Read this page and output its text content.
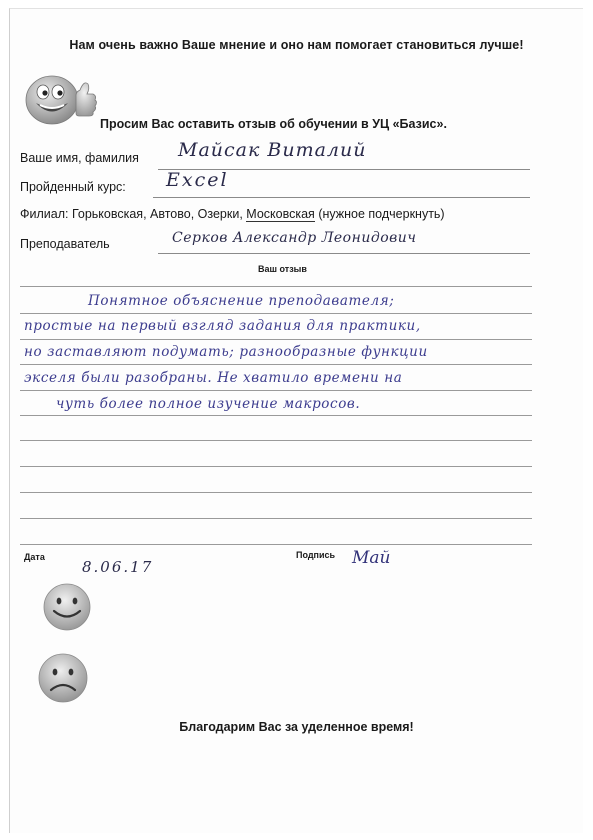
Нам очень важно Ваше мнение и оно нам помогает становиться лучше!
Просим Вас оставить отзыв об обучении в УЦ «Базис».
Ваше имя, фамилия Майсак Виталий
Пройденный курс: Excel
Филиал: Горьковская, Автово, Озерки, Московская (нужное подчеркнуть)
Преподаватель	Серков Александр Леонидович
Ваш отзыв
Понятное объяснение преподавателя;
простые на первый взгляд задания для практики,
но заставляют подумать; разнообразные функции
экселя были разобраны. Не хватило времени на
чуть более полное изучение макросов.
Дата
8.06.17
Подпись Май
Благодарим Вас за уделенное время!
